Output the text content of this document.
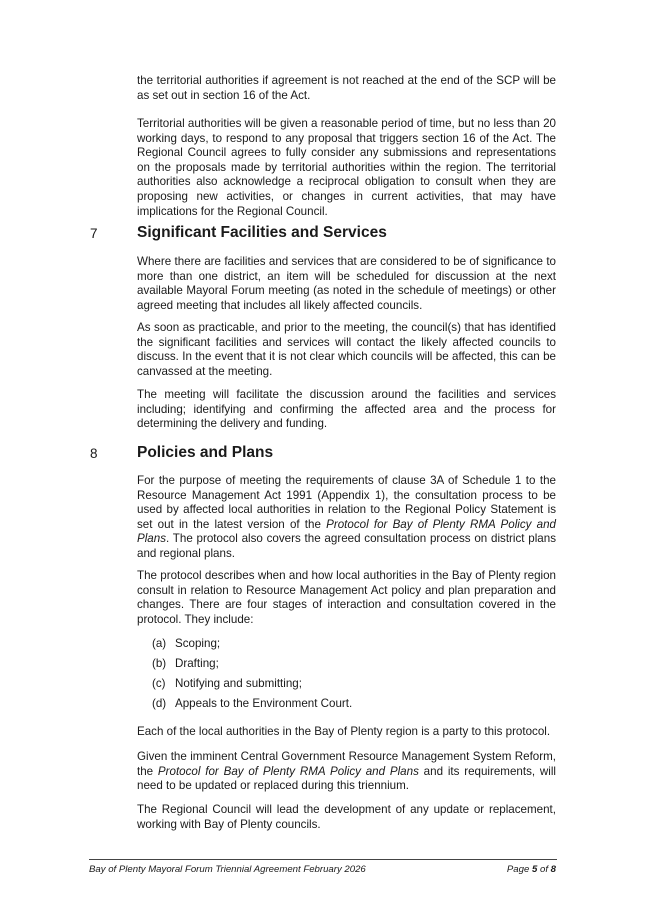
the territorial authorities if agreement is not reached at the end of the SCP will be as set out in section 16 of the Act.

Territorial authorities will be given a reasonable period of time, but no less than 20 working days, to respond to any proposal that triggers section 16 of the Act. The Regional Council agrees to fully consider any submissions and representations on the proposals made by territorial authorities within the region. The territorial authorities also acknowledge a reciprocal obligation to consult when they are proposing new activities, or changes in current activities, that may have implications for the Regional Council.

7	Significant Facilities and Services

Where there are facilities and services that are considered to be of significance to more than one district, an item will be scheduled for discussion at the next available Mayoral Forum meeting (as noted in the schedule of meetings) or other agreed meeting that includes all likely affected councils.

As soon as practicable, and prior to the meeting, the council(s) that has identified the significant facilities and services will contact the likely affected councils to discuss. In the event that it is not clear which councils will be affected, this can be canvassed at the meeting.

The meeting will facilitate the discussion around the facilities and services including; identifying and confirming the affected area and the process for determining the delivery and funding.

8	Policies and Plans

For the purpose of meeting the requirements of clause 3A of Schedule 1 to the Resource Management Act 1991 (Appendix 1), the consultation process to be used by affected local authorities in relation to the Regional Policy Statement is set out in the latest version of the Protocol for Bay of Plenty RMA Policy and Plans. The protocol also covers the agreed consultation process on district plans and regional plans.

The protocol describes when and how local authorities in the Bay of Plenty region consult in relation to Resource Management Act policy and plan preparation and changes. There are four stages of interaction and consultation covered in the protocol. They include:

(a) Scoping;

(b) Drafting;

(c) Notifying and submitting;

(d) Appeals to the Environment Court.

Each of the local authorities in the Bay of Plenty region is a party to this protocol.

Given the imminent Central Government Resource Management System Reform, the Protocol for Bay of Plenty RMA Policy and Plans and its requirements, will need to be updated or replaced during this triennium.

The Regional Council will lead the development of any update or replacement, working with Bay of Plenty councils.

Bay of Plenty Mayoral Forum Triennial Agreement February 2026	Page 5 of 8
